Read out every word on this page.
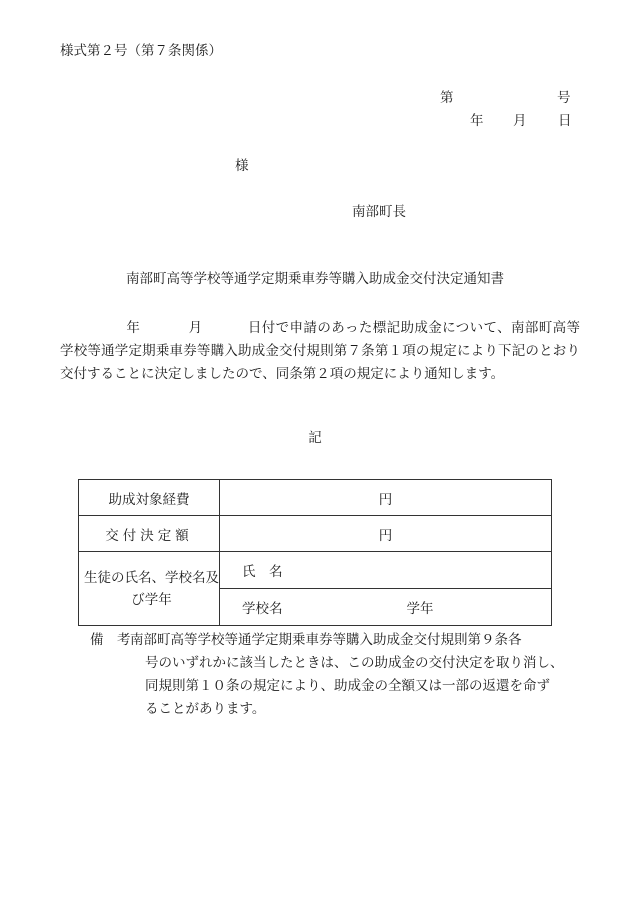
様式第２号（第７条関係）
第	号
年 月 日
様
南部町長
南部町高等学校等通学定期乗車券等購入助成金交付決定通知書
年	月	日付で申請のあった標記助成金について、南部町高等学校等通学定期乗車券等購入助成金交付規則第７条第１項の規定により下記のとおり交付することに決定しましたので、同条第２項の規定により通知します。
記
助成対象経費	円
交付決定額	円
生徒の氏名、学校名及び学年	氏　名
	学校名 学年
備　考 南部町高等学校等通学定期乗車券等購入助成金交付規則第９条各

号のいずれかに該当したときは、この助成金の交付決定を取り消し、

同規則第１０条の規定により、助成金の全額又は一部の返還を命ず

ることがあります。
